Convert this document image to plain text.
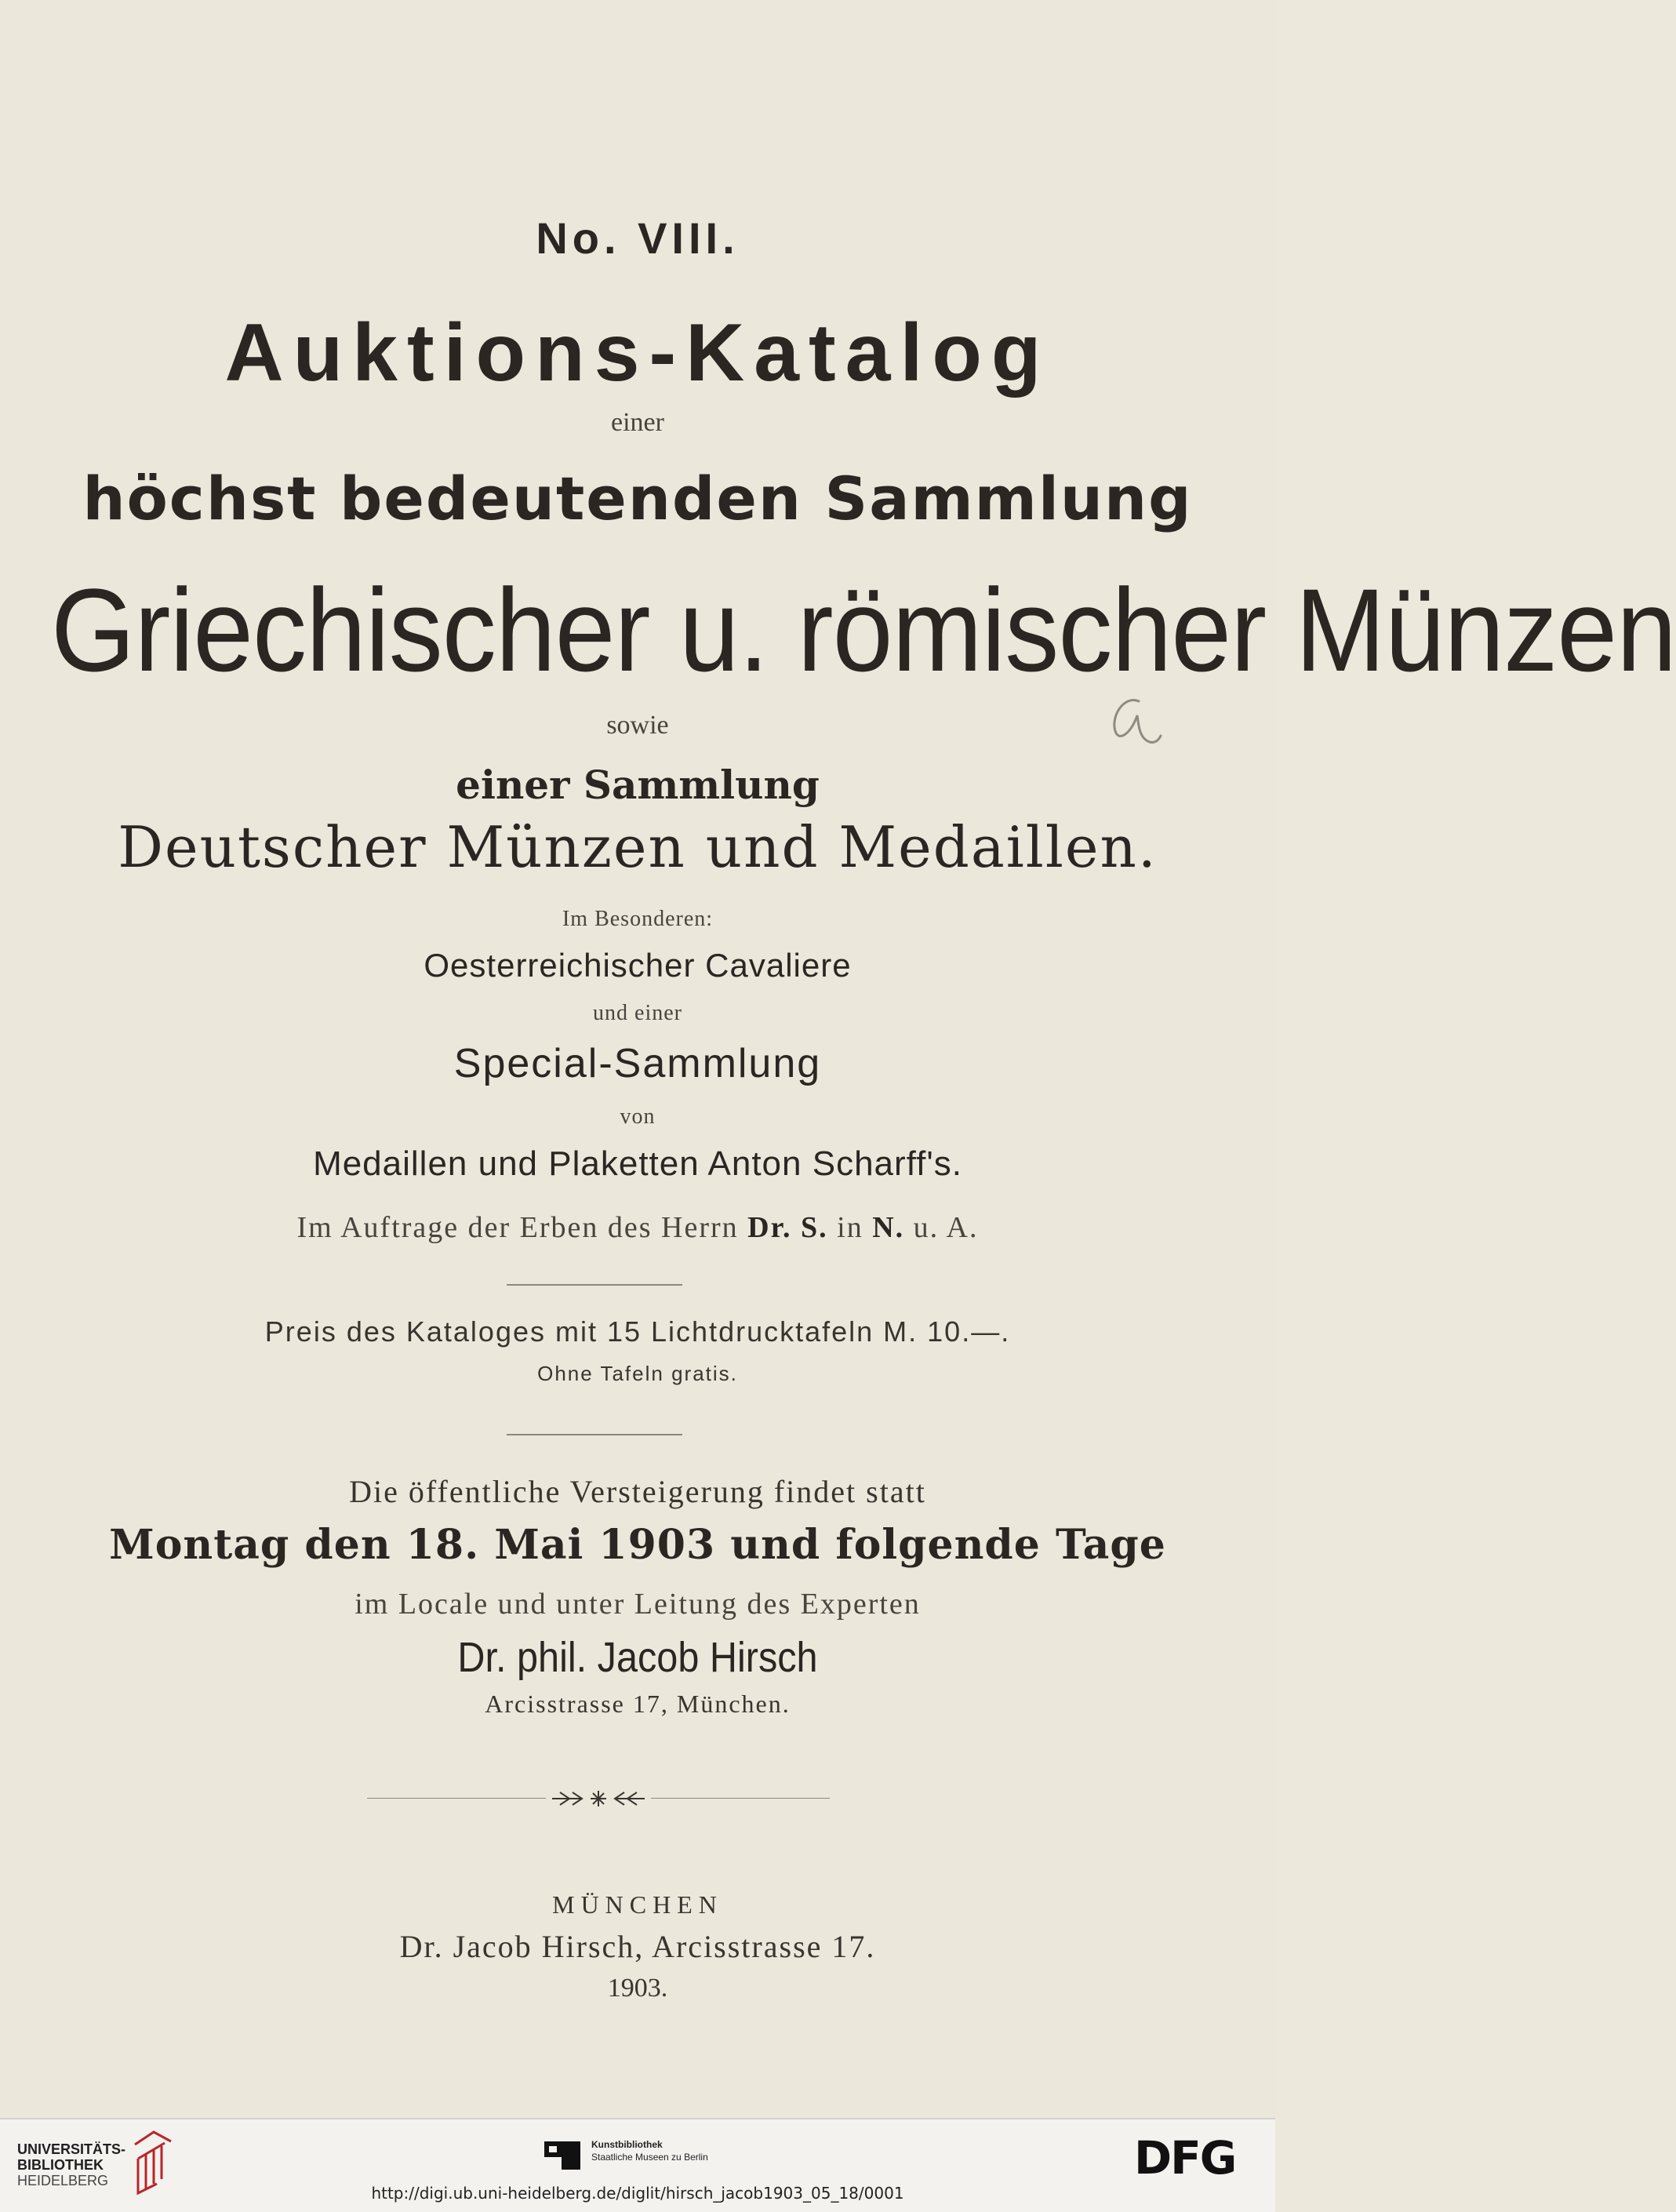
No. VIII.
Auktions-Katalog
einer
höchst bedeutenden Sammlung
Griechischer u. römischer Münzen
sowie
einer Sammlung
Deutscher Münzen und Medaillen.
Im Besonderen:
Oesterreichischer Cavaliere
und einer
Special-Sammlung
von
Medaillen und Plaketten Anton Scharff's.
Im Auftrage der Erben des Herrn Dr. S. in N. u. A.
Preis des Kataloges mit 15 Lichtdrucktafeln M. 10.—.
Ohne Tafeln gratis.
Die öffentliche Versteigerung findet statt
Montag den 18. Mai 1903 und folgende Tage
im Locale und unter Leitung des Experten
Dr. phil. Jacob Hirsch
Arcisstrasse 17, München.
MÜNCHEN
Dr. Jacob Hirsch, Arcisstrasse 17.
1903.
UNIVERSITÄTS-
BIBLIOTHEK
HEIDELBERG
Kunstbibliothek
Staatliche Museen zu Berlin	DFG
http://digi.ub.uni-heidelberg.de/diglit/hirsch_jacob1903_05_18/0001
